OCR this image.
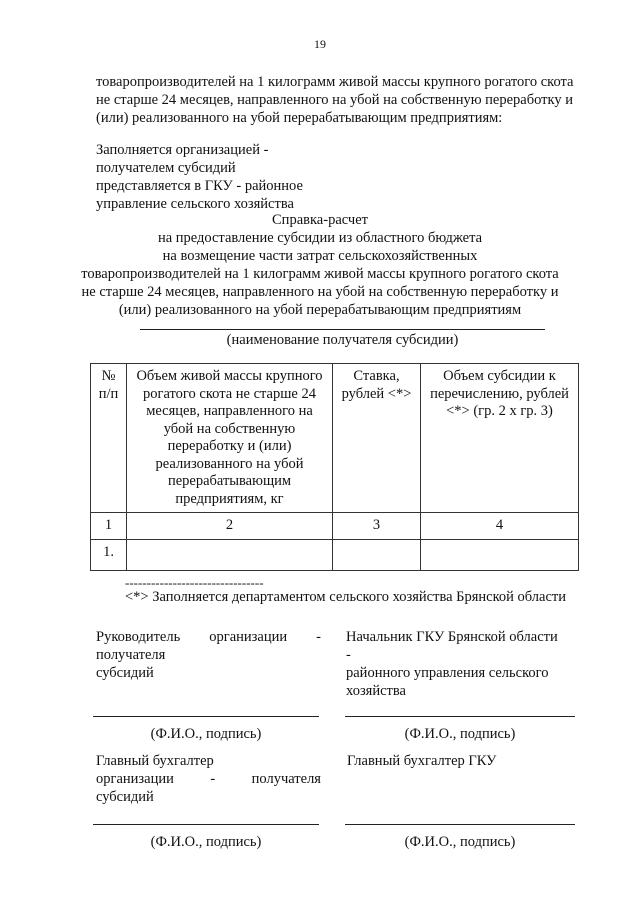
19
товаропроизводителей на 1 килограмм живой массы крупного рогатого скота
не старше 24 месяцев, направленного на убой на собственную переработку и
(или) реализованного на убой перерабатывающим предприятиям:
Заполняется организацией -
получателем субсидий
представляется в ГКУ - районное
управление сельского хозяйства
Справка-расчет
на предоставление субсидии из областного бюджета
на возмещение части затрат сельскохозяйственных
товаропроизводителей на 1 килограмм живой массы крупного рогатого скота
не старше 24 месяцев, направленного на убой на собственную переработку и
(или) реализованного на убой перерабатывающим предприятиям
(наименование получателя субсидии)
№ п/п	Объем живой массы крупного рогатого скота не старше 24 месяцев, направленного на убой на собственную переработку и (или) реализованного на убой перерабатывающим предприятиям, кг	Ставка, рублей <*>	Объем субсидии к перечислению, рублей <*> (гр. 2 х гр. 3)
1	2	3	4
1.			
--------------------------------
<*> Заполняется департаментом сельского хозяйства Брянской области
Руководитель организации -
получателя
субсидий
Начальник ГКУ Брянской области
-
районного управления сельского
хозяйства
(Ф.И.О., подпись)	(Ф.И.О., подпись)
Главный бухгалтер
организации	-	получателя
субсидий
Главный бухгалтер ГКУ
(Ф.И.О., подпись)	(Ф.И.О., подпись)
